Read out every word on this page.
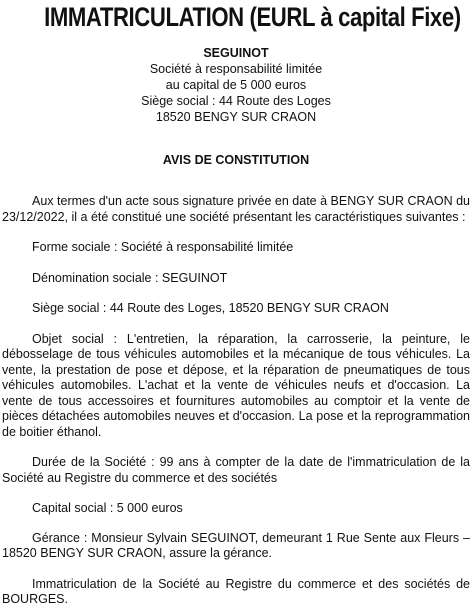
IMMATRICULATION (EURL à capital Fixe)
SEGUINOT
Société à responsabilité limitée
au capital de 5 000 euros
Siège social : 44 Route des Loges
18520 BENGY SUR CRAON
AVIS DE CONSTITUTION

Aux termes d'un acte sous signature privée en date à BENGY SUR CRAON du 23/12/2022, il a été constitué une société présentant les caractéristiques suivantes :

Forme sociale : Société à responsabilité limitée

Dénomination sociale : SEGUINOT

Siège social : 44 Route des Loges, 18520 BENGY SUR CRAON

Objet social : L'entretien, la réparation, la carrosserie, la peinture, le débosselage de tous véhicules automobiles et la mécanique de tous véhicules. La vente, la prestation de pose et dépose, et la réparation de pneumatiques de tous véhicules automobiles. L'achat et la vente de véhicules neufs et d'occasion. La vente de tous accessoires et fournitures automobiles au comptoir et la vente de pièces détachées automobiles neuves et d'occasion. La pose et la reprogrammation de boitier éthanol.

Durée de la Société : 99 ans à compter de la date de l'immatriculation de la Société au Registre du commerce et des sociétés

Capital social : 5 000 euros

Gérance : Monsieur Sylvain SEGUINOT, demeurant 1 Rue Sente aux Fleurs – 18520 BENGY SUR CRAON, assure la gérance.

Immatriculation de la Société au Registre du commerce et des sociétés de BOURGES.
